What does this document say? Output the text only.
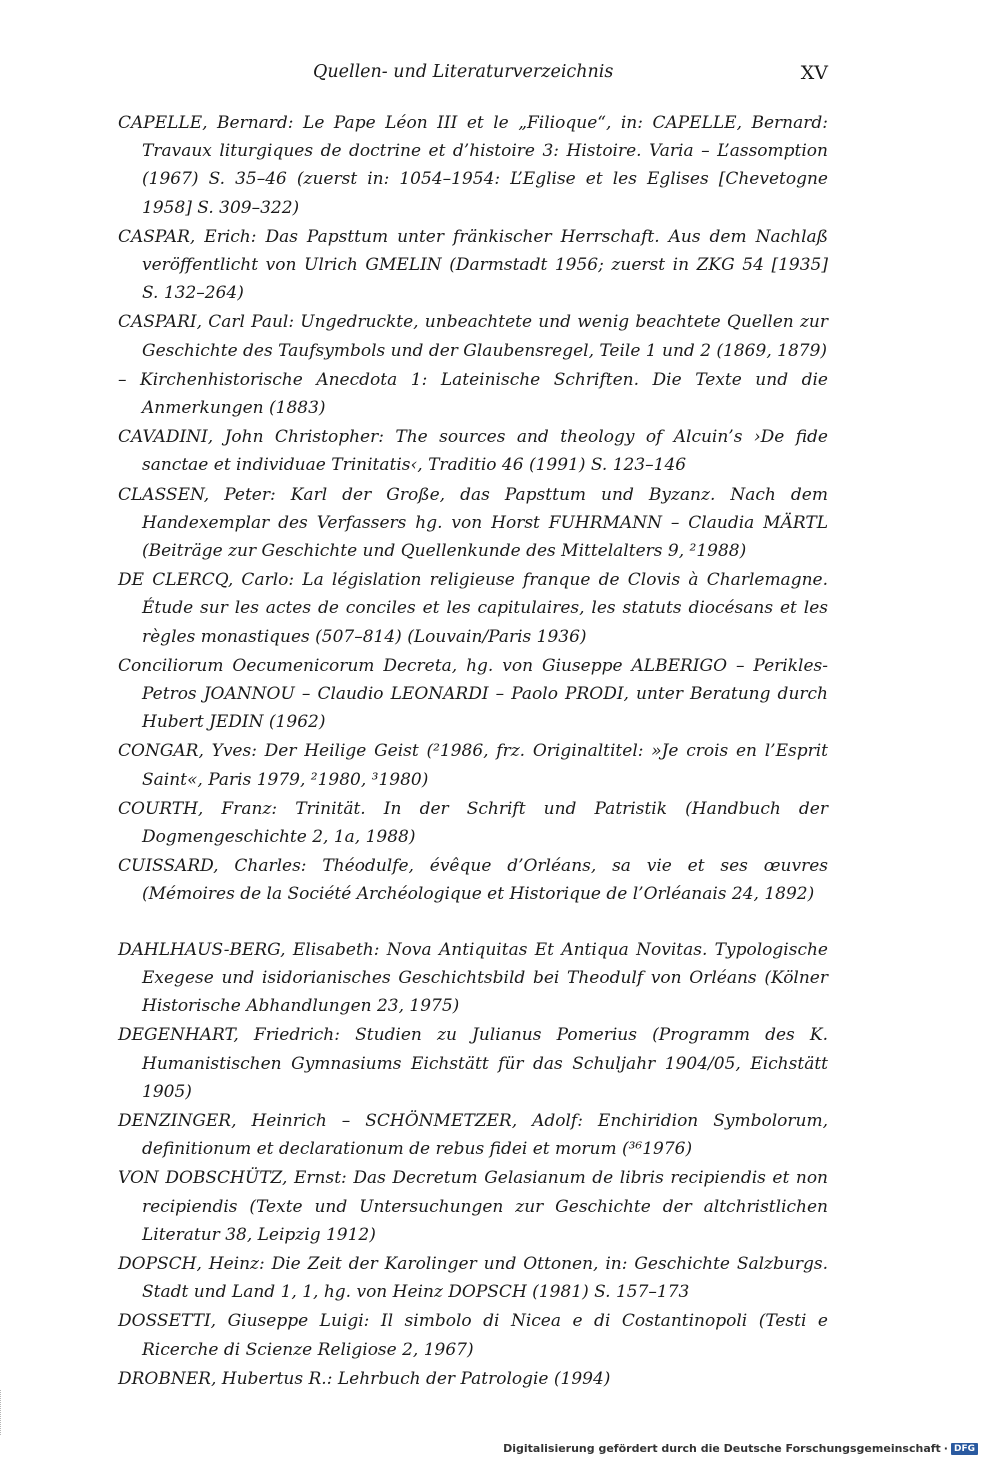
Quellen- und Literaturverzeichnis	XV

CAPELLE, Bernard: Le Pape Léon III et le „Filioque“, in: CAPELLE, Bernard: Travaux liturgiques de doctrine et d’histoire 3: Histoire. Varia – L’assomption (1967) S. 35–46 (zuerst in: 1054–1954: L’Eglise et les Eglises [Chevetogne 1958] S. 309–322)

CASPAR, Erich: Das Papsttum unter fränkischer Herrschaft. Aus dem Nachlaß veröffentlicht von Ulrich GMELIN (Darmstadt 1956; zuerst in ZKG 54 [1935] S. 132–264)

CASPARI, Carl Paul: Ungedruckte, unbeachtete und wenig beachtete Quellen zur Geschichte des Taufsymbols und der Glaubensregel, Teile 1 und 2 (1869, 1879)

– Kirchenhistorische Anecdota 1: Lateinische Schriften. Die Texte und die Anmerkungen (1883)

CAVADINI, John Christopher: The sources and theology of Alcuin’s ›De fide sanctae et individuae Trinitatis‹, Traditio 46 (1991) S. 123–146

CLASSEN, Peter: Karl der Große, das Papsttum und Byzanz. Nach dem Handexemplar des Verfassers hg. von Horst FUHRMANN – Claudia MÄRTL (Beiträge zur Geschichte und Quellenkunde des Mittelalters 9, ²1988)

DE CLERCQ, Carlo: La législation religieuse franque de Clovis à Charlemagne. Étude sur les actes de conciles et les capitulaires, les statuts diocésans et les règles monastiques (507–814) (Louvain/Paris 1936)

Conciliorum Oecumenicorum Decreta, hg. von Giuseppe ALBERIGO – Perikles-Petros JOANNOU – Claudio LEONARDI – Paolo PRODI, unter Beratung durch Hubert JEDIN (1962)

CONGAR, Yves: Der Heilige Geist (²1986, frz. Originaltitel: »Je crois en l’Esprit Saint«, Paris 1979, ²1980, ³1980)

COURTH, Franz: Trinität. In der Schrift und Patristik (Handbuch der Dogmengeschichte 2, 1a, 1988)

CUISSARD, Charles: Théodulfe, évêque d’Orléans, sa vie et ses œuvres (Mémoires de la Société Archéologique et Historique de l’Orléanais 24, 1892)

DAHLHAUS-BERG, Elisabeth: Nova Antiquitas Et Antiqua Novitas. Typologische Exegese und isidorianisches Geschichtsbild bei Theodulf von Orléans (Kölner Historische Abhandlungen 23, 1975)

DEGENHART, Friedrich: Studien zu Julianus Pomerius (Programm des K. Humanistischen Gymnasiums Eichstätt für das Schuljahr 1904/05, Eichstätt 1905)

DENZINGER, Heinrich – SCHÖNMETZER, Adolf: Enchiridion Symbolorum, definitionum et declarationum de rebus fidei et morum (³⁶1976)

VON DOBSCHÜTZ, Ernst: Das Decretum Gelasianum de libris recipiendis et non recipiendis (Texte und Untersuchungen zur Geschichte der altchristlichen Literatur 38, Leipzig 1912)

DOPSCH, Heinz: Die Zeit der Karolinger und Ottonen, in: Geschichte Salzburgs. Stadt und Land 1, 1, hg. von Heinz DOPSCH (1981) S. 157–173

DOSSETTI, Giuseppe Luigi: Il simbolo di Nicea e di Costantinopoli (Testi e Ricerche di Scienze Religiose 2, 1967)

DROBNER, Hubertus R.: Lehrbuch der Patrologie (1994)

Digitalisierung gefördert durch die Deutsche Forschungsgemeinschaft · DFG
